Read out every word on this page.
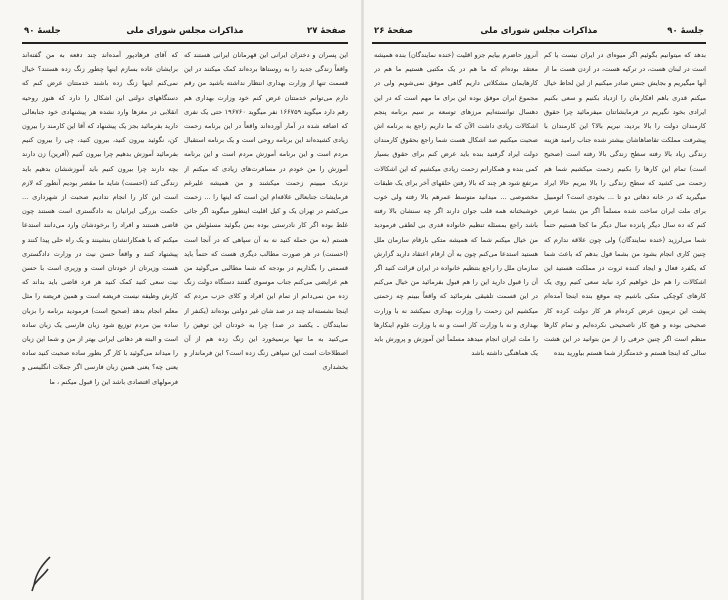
صفحهٔ ۲۷
مذاکرات مجلس شورای ملی
جلسهٔ ۹۰

این پسران و دختران ایرانی این قهرمانان ایرانی هستند که واقعاً زندگی جدید را به روستاها برده‌اند کمک میکنند در این قسمت تنها از وزارت بهداری انتظار نداشته باشید من رقم دارم می‌توانم خدمتتان عرض کنم خود وزارت بهداری هم رقم دارد میگوید ۱۶۶۷۵۹ نفر میگوید ۱۹۶۷۶۰ حتی یک نفری که اضافه شده در آمار آورده‌اند واقعاً در این برنامه زحمت زیادی کشیده‌اند این برنامه روحی است و یک برنامه استقبال مردم است و این برنامه آموزش مردم است و این برنامه آموزش را من خودم در مسافرت‌های زیادی که میکنم از نزدیک میبینم زحمت میکشند و من همیشه علیرغم فرمایشات جنابعالی علاقه‌ام این است که اینها را ... زحمت می‌کشم در تهران یک و کیل اقلیت اینطور میگوید اگر جائی غلط بوده اگر کار نادرستی بوده بمن بگوئید مسئولش من هستم (به من حمله کنید نه به آن سپاهی که در آنجا است (احسنت) در هر صورت مطالب دیگری هست که حتماً باید قسمتی را بگذاریم در بودجه که شما مطالبی می‌گوئید من هم عرایضی می‌کنم جناب موسوی گفتند دستگاه دولت زنگ زده من نمی‌دانم از تمام این افراد و کلای حزب مردم که اینجا نشسته‌اند چند در صد شان غیر دولتی بوده‌اند (یکنفر از نمایندگان ـ یکصد در صد) چرا به خودتان این توهین را می‌کنید به ما تنها برنمیخورد این زنگ زده هم از آن اصطلاحات است این سپاهی زنگ زده است؟ این فرماندار و بخشداری

که آقای فرهادپور آمده‌اند چند دفعه به من گفته‌اند برایشان عاده بسازم اینها چطور زنگ زده هستند؟ خیال نمی‌کنم اینها زنگ زده باشند خدمتتان عرض کنم که دستگاههای دولتی این اشکال را دارد که هنوز روحیه انقلابی در مغزها وارد نشده هر پیشنهادی خود جنابعالی دارید بفرمائید بجز یک پیشنهاد که آقا این کارمند را بیرون کن، نگوئید بیرون کنید، بیرون کنید، چی را بیرون کنیم بفرمائید آموزش بدهیم چرا بیرون کنیم (آفرین) زن دارند بچه دارند چرا بیرون کنیم باید آموزششان بدهیم باید زندگی کند (احسنت) شاید ما مقصر بودیم آنطور که لازم است این کار را انجام ندادیم صحبت از شهرداری ... حکمت بزرگی ایرانیان به دادگستری است هستند چون قاضی هستند و افراد را برخودشان وارد می‌دانند استدعا میکنم که با همکارانشان بنشینند و یک راه حلی پیدا کنند و پیشنهاد کنند و واقعاً حسن نیت در وزارت دادگستری هست وزیرتان از خودتان است و وزیری است با حسن نیت سعی کنید کمک کنید هر فرد قاضی باید بداند که کارش وظیفه نیست فریضه است و همین فریضه را مثل معلم انجام بدهد (صحیح است) فرمودید برنامه را بزبان ساده بین مردم توزیع شود زبان فارسی یک زبان ساده است و البته هر دهاتی ایرانی بهتر از من و شما این زبان را میداند می‌گوئید با کار گر بطور ساده صحبت کنید ساده یعنی چه؟ یعنی همین زبان فارسی اگر جملات انگلیسی و فرمولهای اقتصادی باشد این را قبول میکنم ، ما

جلسهٔ ۹۰
مذاکرات مجلس شورای ملی
صفحهٔ ۲۶

بدهد که میتوانیم بگوئیم اگر میوه‌ای در ایران نیست یا کم است در لبنان هست، در ترکیه هست، در اردن هست ما از آنها میگیریم و بجایش جنس صادر میکنیم از این لحاظ خیال میکنم قدری باهم افکارمان را ازدیاد بکنیم و سعی بکنیم ایرادی بخود نگیریم در فرمایشاتتان میفرمائید چرا حقوق کارمندان دولت را بالا بردید، نبریم بالا؟ این کارمندان با پیشرفت مملکت تقاضاهاشان بیشتر شده جناب رامید هزینه زندگی زیاد بالا رفته سطح زندگی بالا رفته است (صحیح است) تمام این کارها را بکنیم زحمت میکشیم شما هم زحمت می کشید که سطح زندگی را بالا ببریم حالا ایراد میگیرید که در خانه دهاتی دو تا ... بخودی است؟ اتومبیل برای ملت ایران ساخت شده مسلماً اگر من بشما عرض کنم که ده سال دیگر پانزده سال دیگر ما کجا هستیم حتماً شما می‌لرزید (خنده نمایندگان) ولی چون علاقه ندارم که چنین کاری انجام بشود من بشما قول بدهم که باعث شما که یکفرد فعال و ایجاد کننده ثروت در مملکت هستید این اشکالات را هم حل خواهیم کرد نباید سعی کنیم روی یک کارهای کوچکی متکی باشیم چه موقع بنده اینجا آمده‌ام پشت این تریبون عرض کرده‌ام هر کار دولت کرده کار صحیحی بوده و هیچ کار ناصحیحی نکرده‌ایم و تمام کارها منظم است اگر چنین حرفی را از من بتوانید در این هشت سالی که اینجا هستم و خدمتگزار شما هستم بیاورید بنده

آنروز حاضرم بیایم جزو اقلیت (خنده نمایندگان) بنده همیشه معتقد بوده‌ام که ما هم در یک مکتبی هستیم ما هم در کارهایمان مشکلاتی داریم گاهی موفق نمی‌شویم ولی در مجموع ایران موفق بوده این برای ما مهم است که در این دهسال توانسته‌ایم مرزهای توسعه بر سیم برنامه پنجم اشکالات زیادی داشت الآن که ما داریم راجع به برنامه اش صحبت میکنیم صد اشکال هست شما راجع بحقوق کارمندان دولت ایراد گرفتید بنده باید عرض کنم برای حقوق بسیار کمی بنده و همکارانم زحمت زیادی میکشیم که این اشکالات مرتفع شود هر چند که بالا رفتن حلقهای آخر برای یک طبقات مخصوصی ... میدانید متوسط عمرهم بالا رفته ولی خوب خوشبختانه همه قلب جوان دارند اگر چه سنشان بالا رفته باشد راجع بمسئله تنظیم خانواده قدری بی لطفی فرمودید من خیال میکنم شما که همیشه متکی بارقام سازمان ملل هستید استدعا می‌کنم چون به آن ارقام اعتقاد دارید گزارش سازمان ملل را راجع بتنظیم خانواده در ایران قرائت کنید اگر آن را قبول دارید این را هم قبول بفرمائید من خیال می‌کنم در این قسمت تلفیقی بفرمائید که واقعاً ببینم چه زحمتی میکشیم این زحمت را وزارت بهداری نمیکشد نه با وزارت بهداری و نه با وزارت کار است و نه با وزارت علوم اینکارها را ملت ایران انجام میدهد مسلماً این آموزش و پرورش باید یک هماهنگی داشته باشد
